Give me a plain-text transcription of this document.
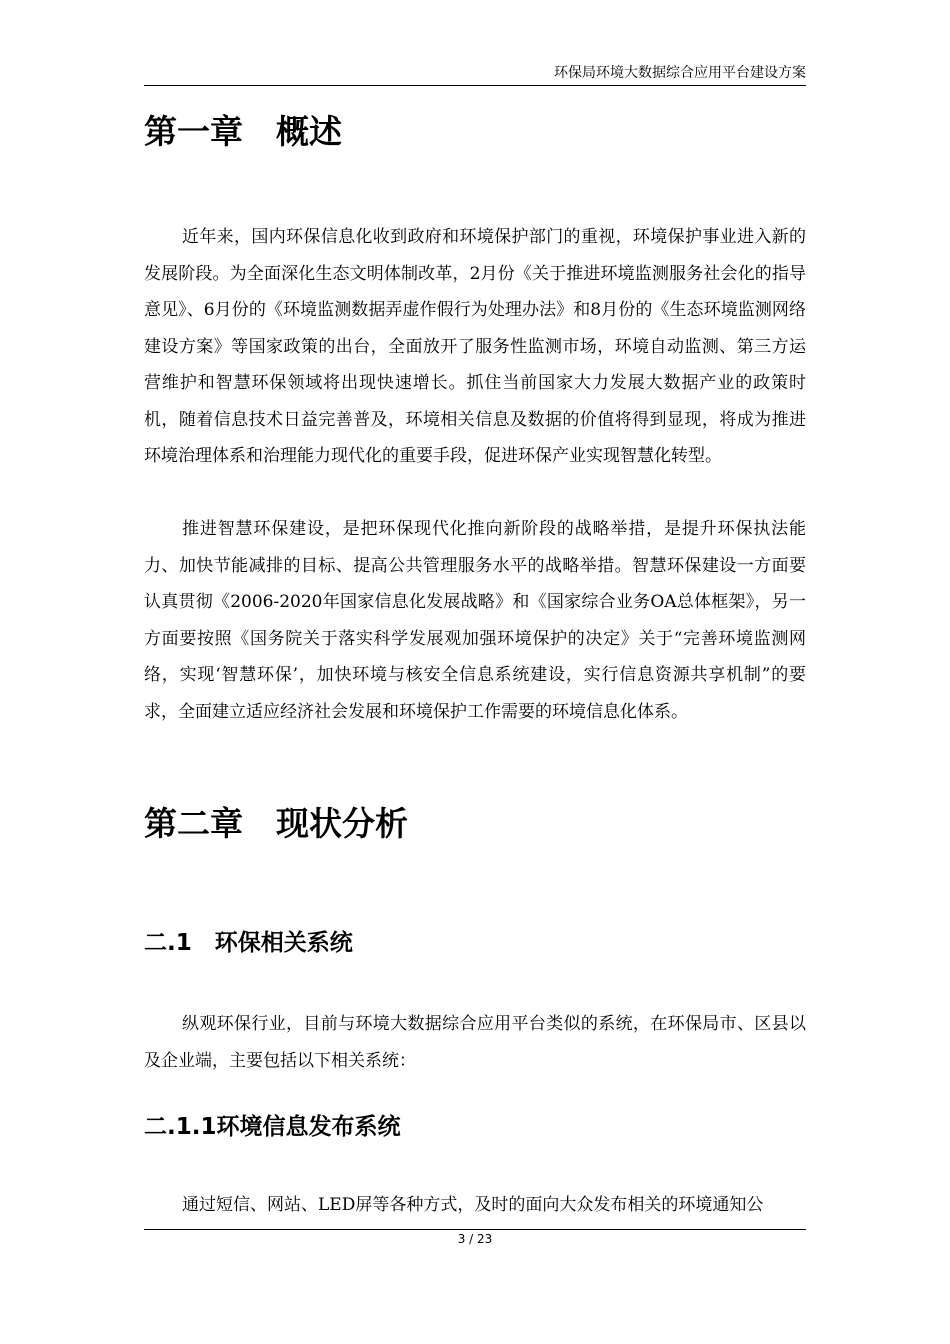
环保局环境大数据综合应用平台建设方案
第一章　概述

近年来，国内环保信息化收到政府和环境保护部门的重视，环境保护事业进入新的发展阶段。为全面深化生态文明体制改革，2月份《关于推进环境监测服务社会化的指导意见》、6月份的《环境监测数据弄虚作假行为处理办法》和8月份的《生态环境监测网络建设方案》等国家政策的出台，全面放开了服务性监测市场，环境自动监测、第三方运营维护和智慧环保领域将出现快速增长。抓住当前国家大力发展大数据产业的政策时机，随着信息技术日益完善普及，环境相关信息及数据的价值将得到显现，将成为推进环境治理体系和治理能力现代化的重要手段，促进环保产业实现智慧化转型。

推进智慧环保建设，是把环保现代化推向新阶段的战略举措，是提升环保执法能力、加快节能减排的目标、提高公共管理服务水平的战略举措。智慧环保建设一方面要认真贯彻《2006-2020年国家信息化发展战略》和《国家综合业务OA总体框架》，另一方面要按照《国务院关于落实科学发展观加强环境保护的决定》关于“完善环境监测网络，实现‘智慧环保’，加快环境与核安全信息系统建设，实行信息资源共享机制”的要求，全面建立适应经济社会发展和环境保护工作需要的环境信息化体系。

第二章　现状分析
二.1　环保相关系统

纵观环保行业，目前与环境大数据综合应用平台类似的系统，在环保局市、区县以及企业端，主要包括以下相关系统：

二.1.1环境信息发布系统

通过短信、网站、LED屏等各种方式，及时的面向大众发布相关的环境通知公

3 / 23
